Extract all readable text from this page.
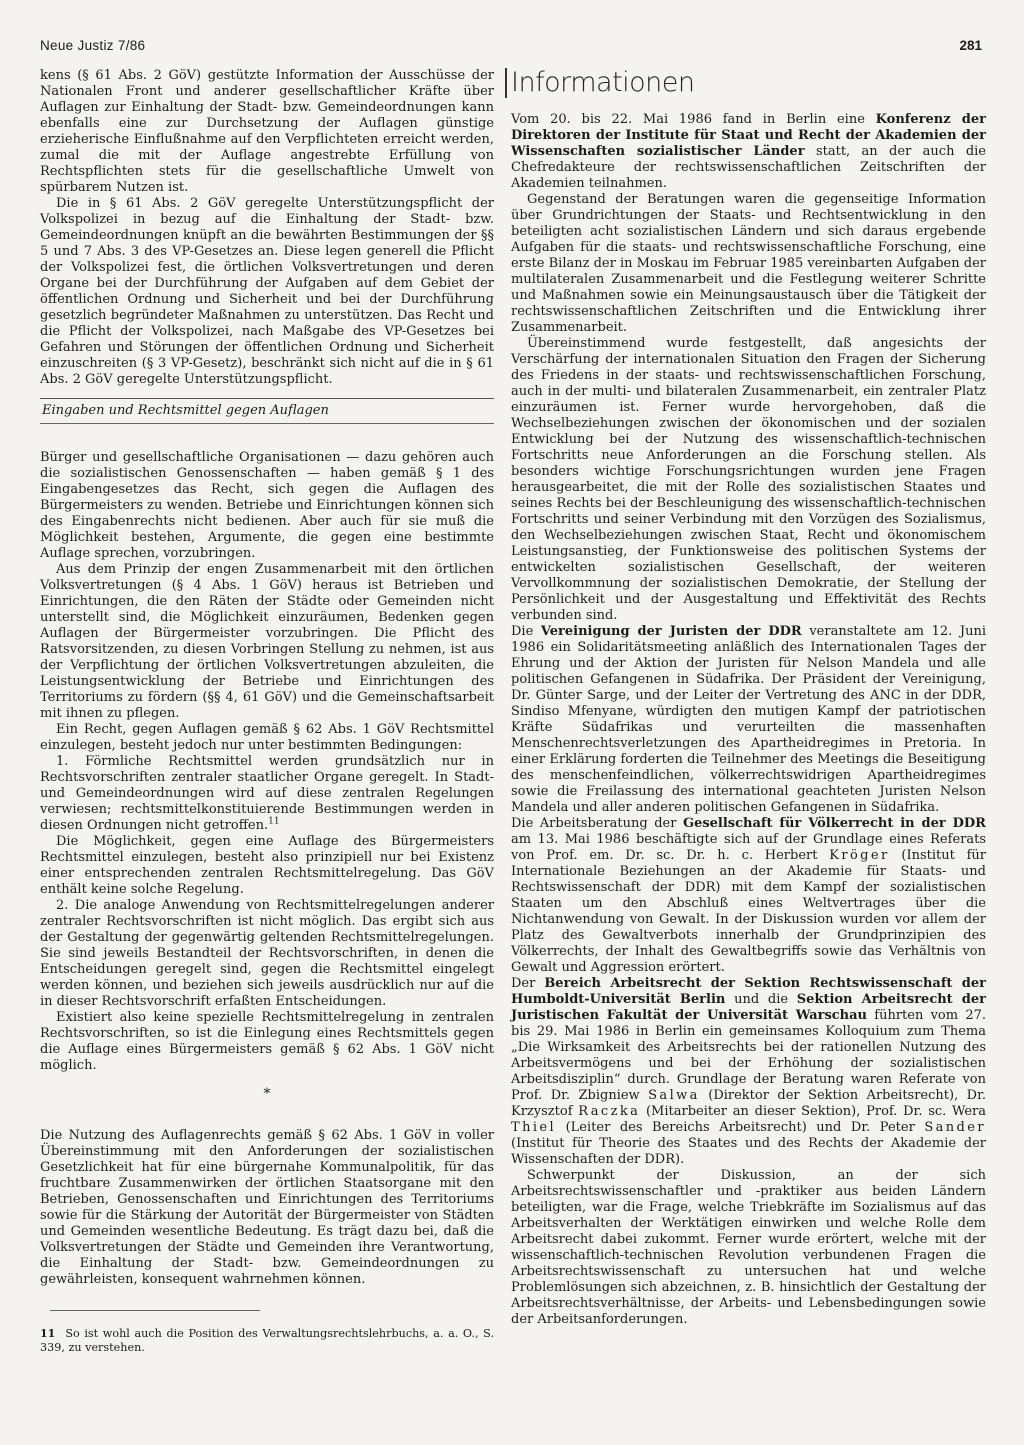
Neue Justiz 7/86	281

kens (§ 61 Abs. 2 GöV) gestützte Information der Ausschüsse der Nationalen Front und anderer gesellschaftlicher Kräfte über Auflagen zur Einhaltung der Stadt- bzw. Gemeindeordnungen kann ebenfalls eine zur Durchsetzung der Auflagen günstige erzieherische Einflußnahme auf den Verpflichteten erreicht werden, zumal die mit der Auflage angestrebte Erfüllung von Rechtspflichten stets für die gesellschaftliche Umwelt von spürbarem Nutzen ist.

Die in § 61 Abs. 2 GöV geregelte Unterstützungspflicht der Volkspolizei in bezug auf die Einhaltung der Stadt- bzw. Gemeindeordnungen knüpft an die bewährten Bestimmungen der §§ 5 und 7 Abs. 3 des VP-Gesetzes an. Diese legen generell die Pflicht der Volkspolizei fest, die örtlichen Volksvertretungen und deren Organe bei der Durchführung der Aufgaben auf dem Gebiet der öffentlichen Ordnung und Sicherheit und bei der Durchführung gesetzlich begründeter Maßnahmen zu unterstützen. Das Recht und die Pflicht der Volkspolizei, nach Maßgabe des VP-Gesetzes bei Gefahren und Störungen der öffentlichen Ordnung und Sicherheit einzuschreiten (§ 3 VP-Gesetz), beschränkt sich nicht auf die in § 61 Abs. 2 GöV geregelte Unterstützungspflicht.

Eingaben und Rechtsmittel gegen Auflagen

Bürger und gesellschaftliche Organisationen — dazu gehören auch die sozialistischen Genossenschaften — haben gemäß § 1 des Eingabengesetzes das Recht, sich gegen die Auflagen des Bürgermeisters zu wenden. Betriebe und Einrichtungen können sich des Eingabenrechts nicht bedienen. Aber auch für sie muß die Möglichkeit bestehen, Argumente, die gegen eine bestimmte Auflage sprechen, vorzubringen.

Aus dem Prinzip der engen Zusammenarbeit mit den örtlichen Volksvertretungen (§ 4 Abs. 1 GöV) heraus ist Betrieben und Einrichtungen, die den Räten der Städte oder Gemeinden nicht unterstellt sind, die Möglichkeit einzuräumen, Bedenken gegen Auflagen der Bürgermeister vorzubringen. Die Pflicht des Ratsvorsitzenden, zu diesen Vorbringen Stellung zu nehmen, ist aus der Verpflichtung der örtlichen Volksvertretungen abzuleiten, die Leistungsentwicklung der Betriebe und Einrichtungen des Territoriums zu fördern (§§ 4, 61 GöV) und die Gemeinschaftsarbeit mit ihnen zu pflegen.

Ein Recht, gegen Auflagen gemäß § 62 Abs. 1 GöV Rechtsmittel einzulegen, besteht jedoch nur unter bestimmten Bedingungen:

1. Förmliche Rechtsmittel werden grundsätzlich nur in Rechtsvorschriften zentraler staatlicher Organe geregelt. In Stadt- und Gemeindeordnungen wird auf diese zentralen Regelungen verwiesen; rechtsmittelkonstituierende Bestimmungen werden in diesen Ordnungen nicht getroffen.$^{11}$

Die Möglichkeit, gegen eine Auflage des Bürgermeisters Rechtsmittel einzulegen, besteht also prinzipiell nur bei Existenz einer entsprechenden zentralen Rechtsmittelregelung. Das GöV enthält keine solche Regelung.

2. Die analoge Anwendung von Rechtsmittelregelungen anderer zentraler Rechtsvorschriften ist nicht möglich. Das ergibt sich aus der Gestaltung der gegenwärtig geltenden Rechtsmittelregelungen. Sie sind jeweils Bestandteil der Rechtsvorschriften, in denen die Entscheidungen geregelt sind, gegen die Rechtsmittel eingelegt werden können, und beziehen sich jeweils ausdrücklich nur auf die in dieser Rechtsvorschrift erfaßten Entscheidungen.

Existiert also keine spezielle Rechtsmittelregelung in zentralen Rechtsvorschriften, so ist die Einlegung eines Rechtsmittels gegen die Auflage eines Bürgermeisters gemäß § 62 Abs. 1 GöV nicht möglich.

*

Die Nutzung des Auflagenrechts gemäß § 62 Abs. 1 GöV in voller Übereinstimmung mit den Anforderungen der sozialistischen Gesetzlichkeit hat für eine bürgernahe Kommunalpolitik, für das fruchtbare Zusammenwirken der örtlichen Staatsorgane mit den Betrieben, Genossenschaften und Einrichtungen des Territoriums sowie für die Stärkung der Autorität der Bürgermeister von Städten und Gemeinden wesentliche Bedeutung. Es trägt dazu bei, daß die Volksvertretungen der Städte und Gemeinden ihre Verantwortung, die Einhaltung der Stadt- bzw. Gemeindeordnungen zu gewährleisten, konsequent wahrnehmen können.

11 So ist wohl auch die Position des Verwaltungsrechtslehrbuchs, a. a. O., S. 339, zu verstehen.

Informationen

Vom 20. bis 22. Mai 1986 fand in Berlin eine Konferenz der Direktoren der Institute für Staat und Recht der Akademien der Wissenschaften sozialistischer Länder statt, an der auch die Chefredakteure der rechtswissenschaftlichen Zeitschriften der Akademien teilnahmen.

Gegenstand der Beratungen waren die gegenseitige Information über Grundrichtungen der Staats- und Rechtsentwicklung in den beteiligten acht sozialistischen Ländern und sich daraus ergebende Aufgaben für die staats- und rechtswissenschaftliche Forschung, eine erste Bilanz der in Moskau im Februar 1985 vereinbarten Aufgaben der multilateralen Zusammenarbeit und die Festlegung weiterer Schritte und Maßnahmen sowie ein Meinungsaustausch über die Tätigkeit der rechtswissenschaftlichen Zeitschriften und die Entwicklung ihrer Zusammenarbeit.

Übereinstimmend wurde festgestellt, daß angesichts der Verschärfung der internationalen Situation den Fragen der Sicherung des Friedens in der staats- und rechtswissenschaftlichen Forschung, auch in der multi- und bilateralen Zusammenarbeit, ein zentraler Platz einzuräumen ist. Ferner wurde hervorgehoben, daß die Wechselbeziehungen zwischen der ökonomischen und der sozialen Entwicklung bei der Nutzung des wissenschaftlich-technischen Fortschritts neue Anforderungen an die Forschung stellen. Als besonders wichtige Forschungsrichtungen wurden jene Fragen herausgearbeitet, die mit der Rolle des sozialistischen Staates und seines Rechts bei der Beschleunigung des wissenschaftlich-technischen Fortschritts und seiner Verbindung mit den Vorzügen des Sozialismus, den Wechselbeziehungen zwischen Staat, Recht und ökonomischem Leistungsanstieg, der Funktionsweise des politischen Systems der entwickelten sozialistischen Gesellschaft, der weiteren Vervollkommnung der sozialistischen Demokratie, der Stellung der Persönlichkeit und der Ausgestaltung und Effektivität des Rechts verbunden sind.

Die Vereinigung der Juristen der DDR veranstaltete am 12. Juni 1986 ein Solidaritätsmeeting anläßlich des Internationalen Tages der Ehrung und der Aktion der Juristen für Nelson Mandela und alle politischen Gefangenen in Südafrika. Der Präsident der Vereinigung, Dr. Günter Sarge, und der Leiter der Vertretung des ANC in der DDR, Sindiso Mfenyane, würdigten den mutigen Kampf der patriotischen Kräfte Südafrikas und verurteilten die massenhaften Menschenrechtsverletzungen des Apartheidregimes in Pretoria. In einer Erklärung forderten die Teilnehmer des Meetings die Beseitigung des menschenfeindlichen, völkerrechtswidrigen Apartheidregimes sowie die Freilassung des international geachteten Juristen Nelson Mandela und aller anderen politischen Gefangenen in Südafrika.

Die Arbeitsberatung der Gesellschaft für Völkerrecht in der DDR am 13. Mai 1986 beschäftigte sich auf der Grundlage eines Referats von Prof. em. Dr. sc. Dr. h. c. Herbert Kröger (Institut für Internationale Beziehungen an der Akademie für Staats- und Rechtswissenschaft der DDR) mit dem Kampf der sozialistischen Staaten um den Abschluß eines Weltvertrages über die Nichtanwendung von Gewalt. In der Diskussion wurden vor allem der Platz des Gewaltverbots innerhalb der Grundprinzipien des Völkerrechts, der Inhalt des Gewaltbegriffs sowie das Verhältnis von Gewalt und Aggression erörtert.

Der Bereich Arbeitsrecht der Sektion Rechtswissenschaft der Humboldt-Universität Berlin und die Sektion Arbeitsrecht der Juristischen Fakultät der Universität Warschau führten vom 27. bis 29. Mai 1986 in Berlin ein gemeinsames Kolloquium zum Thema „Die Wirksamkeit des Arbeitsrechts bei der rationellen Nutzung des Arbeitsvermögens und bei der Erhöhung der sozialistischen Arbeitsdisziplin“ durch. Grundlage der Beratung waren Referate von Prof. Dr. Zbigniew Salwa (Direktor der Sektion Arbeitsrecht), Dr. Krzysztof Raczka (Mitarbeiter an dieser Sektion), Prof. Dr. sc. Wera Thiel (Leiter des Bereichs Arbeitsrecht) und Dr. Peter Sander (Institut für Theorie des Staates und des Rechts der Akademie der Wissenschaften der DDR).

Schwerpunkt der Diskussion, an der sich Arbeitsrechtswissenschaftler und -praktiker aus beiden Ländern beteiligten, war die Frage, welche Triebkräfte im Sozialismus auf das Arbeitsverhalten der Werktätigen einwirken und welche Rolle dem Arbeitsrecht dabei zukommt. Ferner wurde erörtert, welche mit der wissenschaftlich-technischen Revolution verbundenen Fragen die Arbeitsrechtswissenschaft zu untersuchen hat und welche Problemlösungen sich abzeichnen, z. B. hinsichtlich der Gestaltung der Arbeitsrechtsverhältnisse, der Arbeits- und Lebensbedingungen sowie der Arbeitsanforderungen.
